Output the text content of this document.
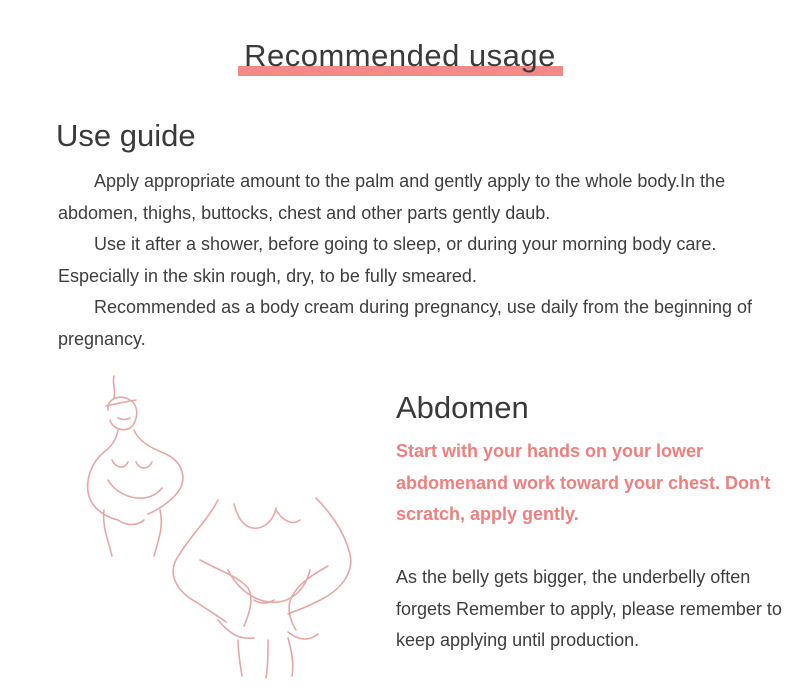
Recommended usage
Use guide

Apply appropriate amount to the palm and gently apply to the whole body.In the abdomen, thighs, buttocks, chest and other parts gently daub.

Use it after a shower, before going to sleep, or during your morning body care. Especially in the skin rough, dry, to be fully smeared.

Recommended as a body cream during pregnancy, use daily from the beginning of pregnancy.

Abdomen

Start with your hands on your lower abdomenand work toward your chest. Don't scratch, apply gently.

As the belly gets bigger, the underbelly often forgets Remember to apply, please remember to keep applying until production.
